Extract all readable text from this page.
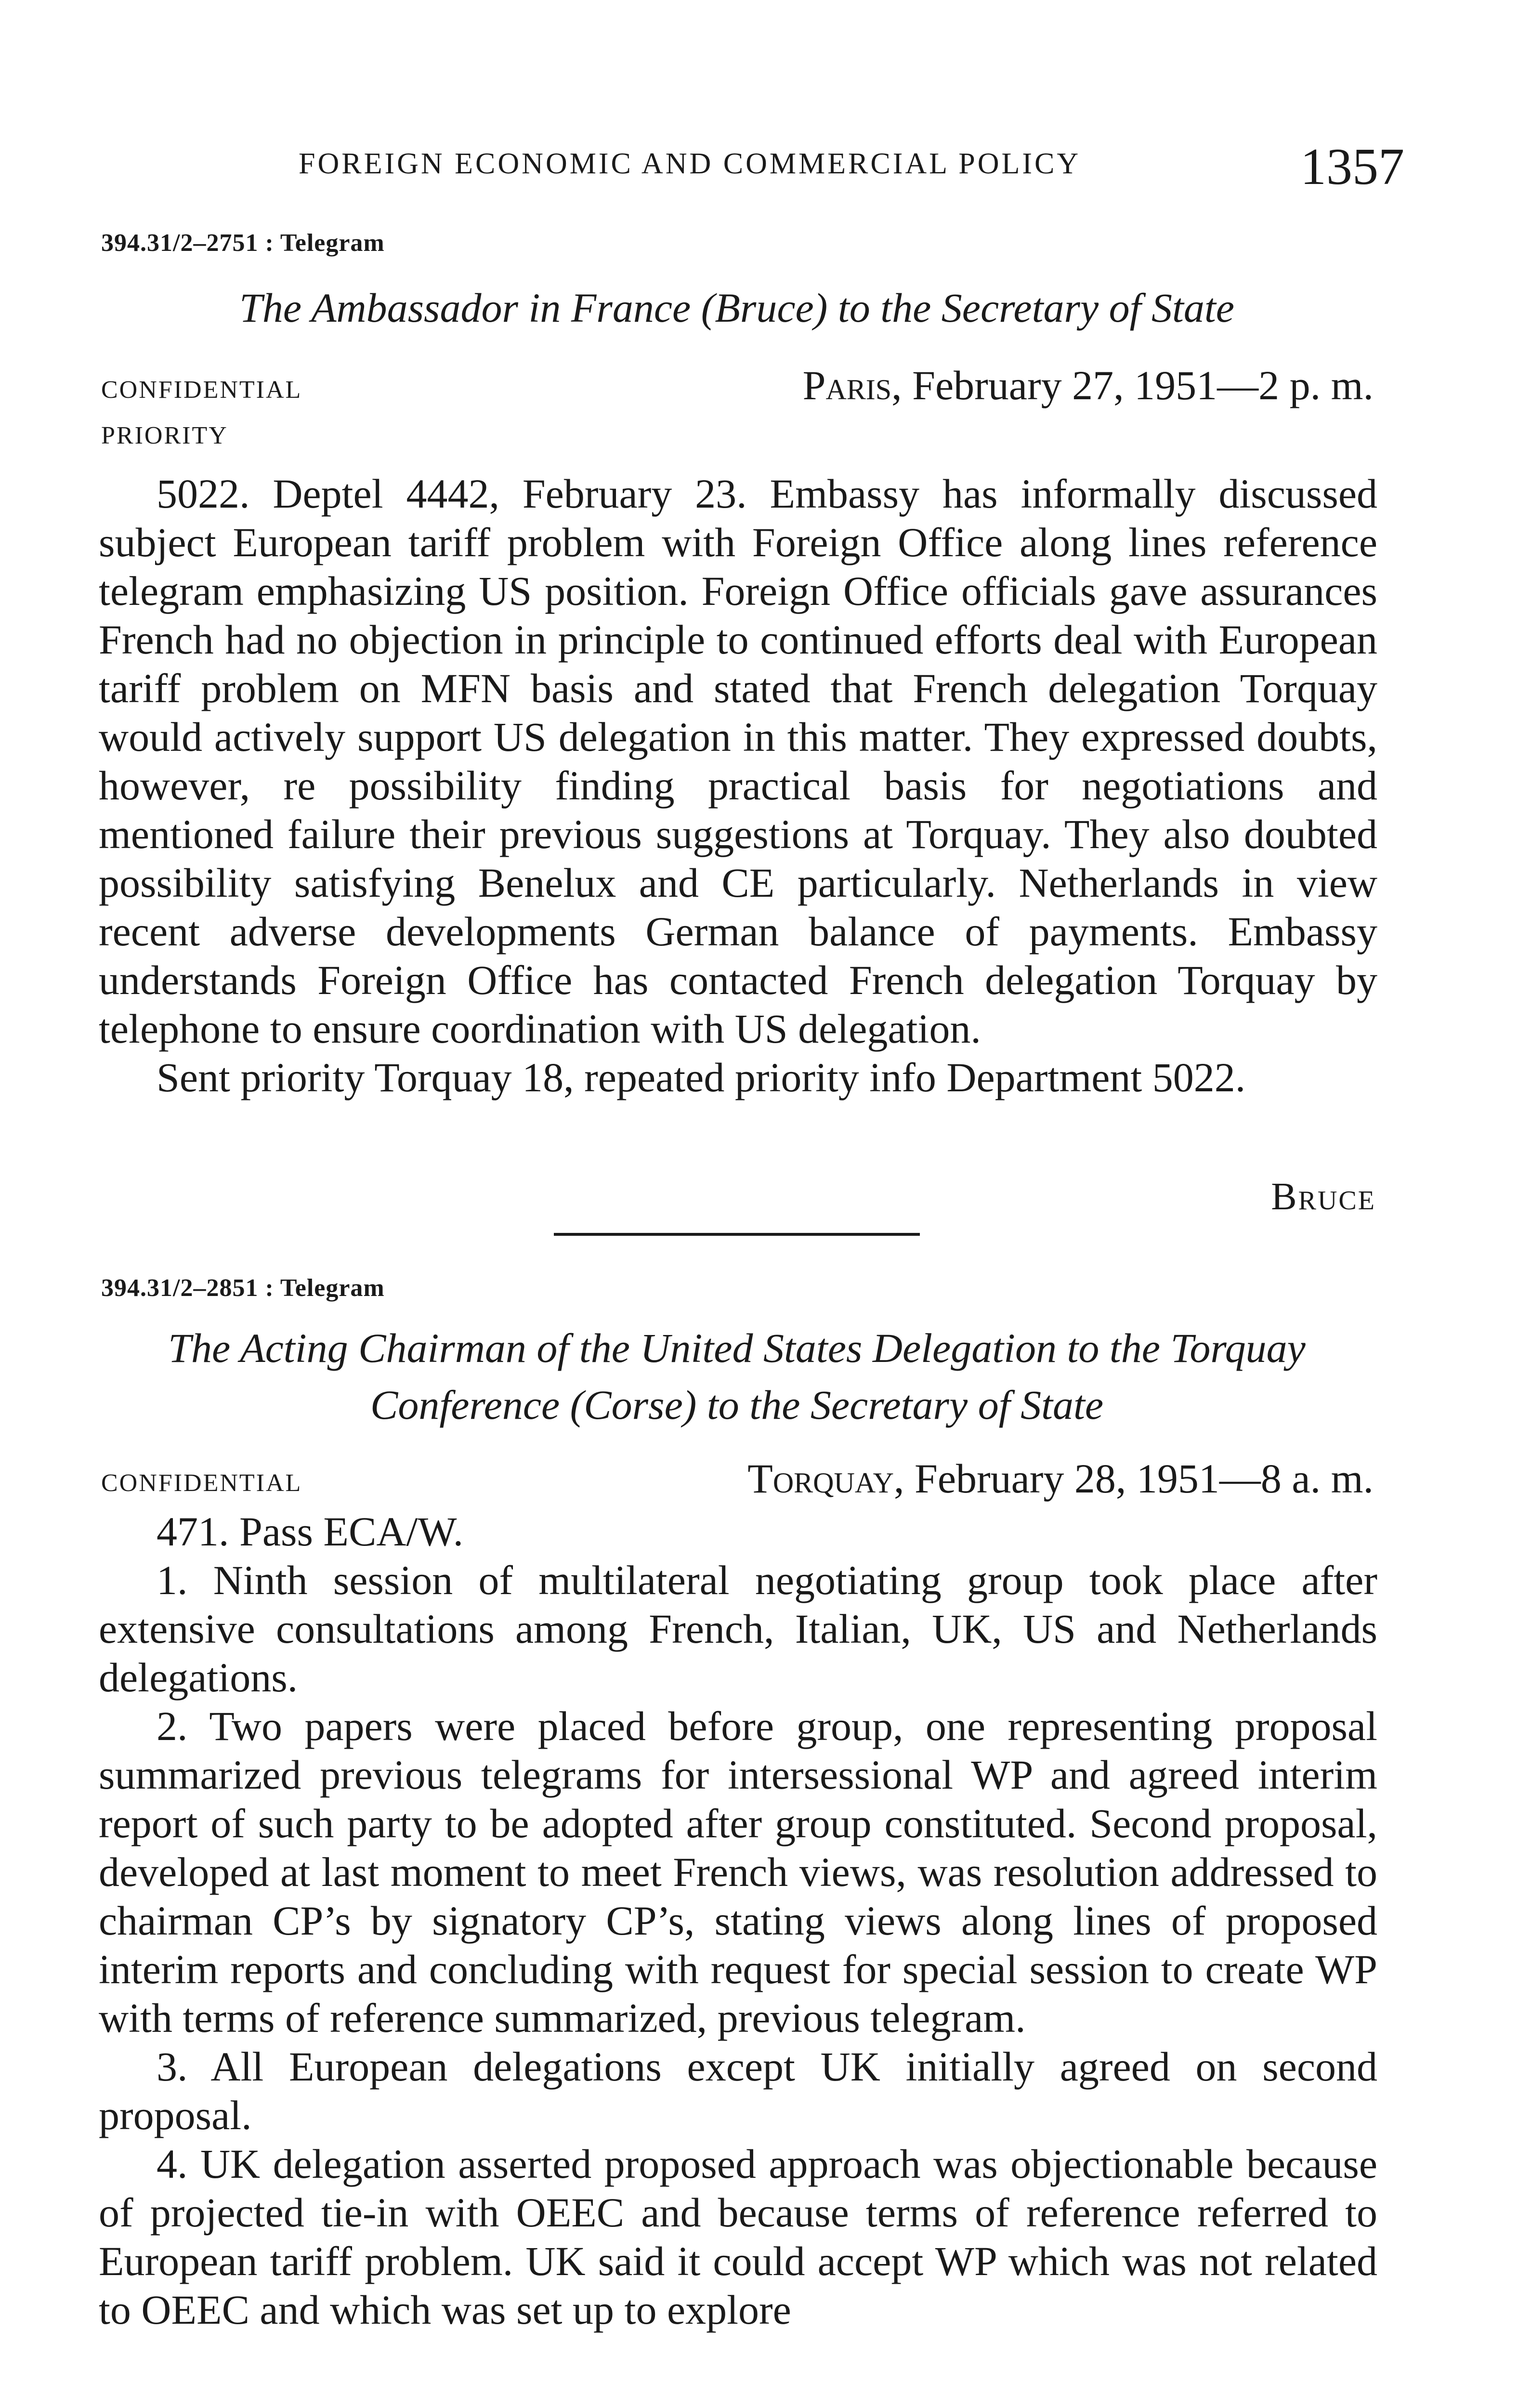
FOREIGN ECONOMIC AND COMMERCIAL POLICY	1357
394.31/2–2751 : Telegram
The Ambassador in France (Bruce) to the Secretary of State
CONFIDENTIAL
PRIORITY
Paris, February 27, 1951—2 p. m.

5022. Deptel 4442, February 23. Embassy has informally discussed subject European tariff problem with Foreign Office along lines reference telegram emphasizing US position. Foreign Office officials gave assurances French had no objection in principle to continued efforts deal with European tariff problem on MFN basis and stated that French delegation Torquay would actively support US delegation in this matter. They expressed doubts, however, re possibility finding practical basis for negotiations and mentioned failure their previous suggestions at Torquay. They also doubted possibility satisfying Benelux and CE particularly. Netherlands in view recent adverse developments German balance of payments. Embassy understands Foreign Office has contacted French delegation Torquay by telephone to ensure coordination with US delegation.

Sent priority Torquay 18, repeated priority info Department 5022.

Bruce
394.31/2–2851 : Telegram
The Acting Chairman of the United States Delegation to the Torquay
Conference (Corse) to the Secretary of State
CONFIDENTIAL	Torquay, February 28, 1951—8 a. m.

471. Pass ECA/W.

1. Ninth session of multilateral negotiating group took place after extensive consultations among French, Italian, UK, US and Netherlands delegations.

2. Two papers were placed before group, one representing proposal summarized previous telegrams for intersessional WP and agreed interim report of such party to be adopted after group constituted. Second proposal, developed at last moment to meet French views, was resolution addressed to chairman CP’s by signatory CP’s, stating views along lines of proposed interim reports and concluding with request for special session to create WP with terms of reference summarized, previous telegram.

3. All European delegations except UK initially agreed on second proposal.

4. UK delegation asserted proposed approach was objectionable because of projected tie-in with OEEC and because terms of reference referred to European tariff problem. UK said it could accept WP which was not related to OEEC and which was set up to explore
